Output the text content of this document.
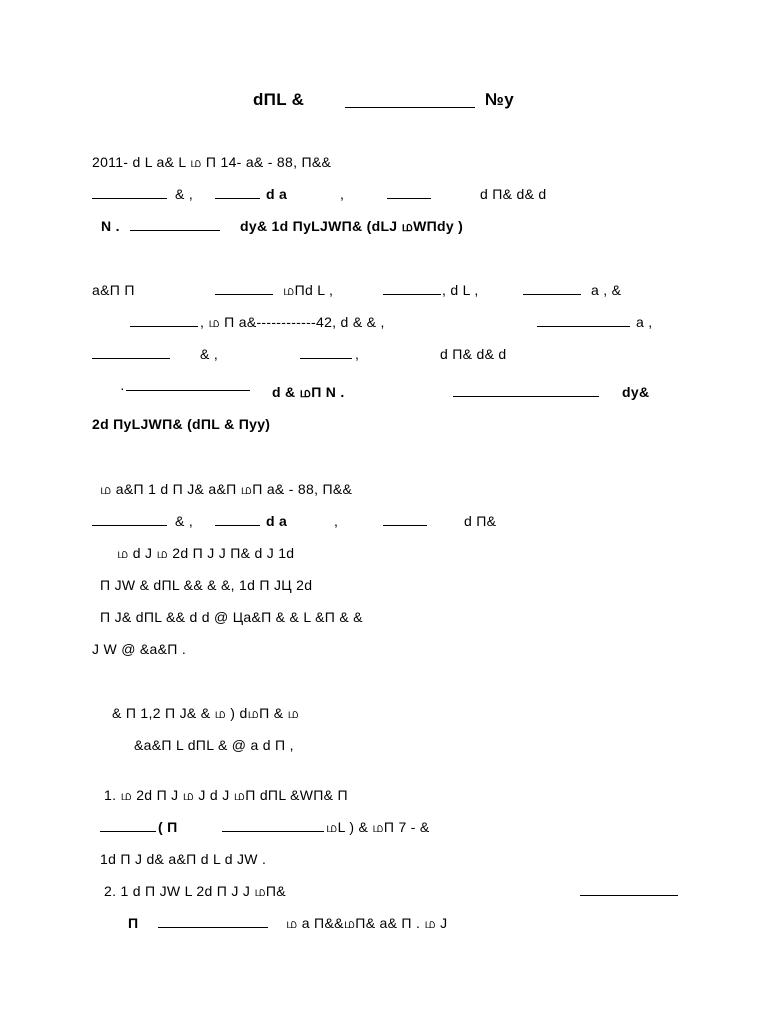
dΠL &	№y
2011- d L a& L ம Π 14- a& - 88, Π&&
& ,	d a	,	d Π& d& d
N .	dy& 1d ΠyLJWΠ& (dLJ மWΠdy )
a&Π Π	மΠd L ,	, d L ,	a , &
, ம Π a&------------42, d & & ,	a ,
& ,	,	d Π& d& d
·	d & மΠ N .	dy&
2d ΠyLJWΠ& (dΠL & Πyy)
ம a&Π 1 d Π J& a&Π மΠ a& - 88, Π&&
& ,	d a	,	d Π&
ம d J ம 2d Π J J Π& d J 1d
Π JW & dΠL && & &, 1d Π JЦ 2d
Π J& dΠL && d d @ Цa&Π & & L &Π & &
J W @ &a&Π .
& Π 1,2 Π J& & ம ) dமΠ & ம
&a&Π L dΠL & @ a d Π ,
1. ம 2d Π J ம J d J மΠ dΠL &WΠ& Π
( Π	மL ) & மΠ 7 - &
1d Π J d& a&Π d L d JW .
2. 1 d Π JW L 2d Π J J மΠ&
Π	ம a Π&&மΠ& a& Π . ம J
